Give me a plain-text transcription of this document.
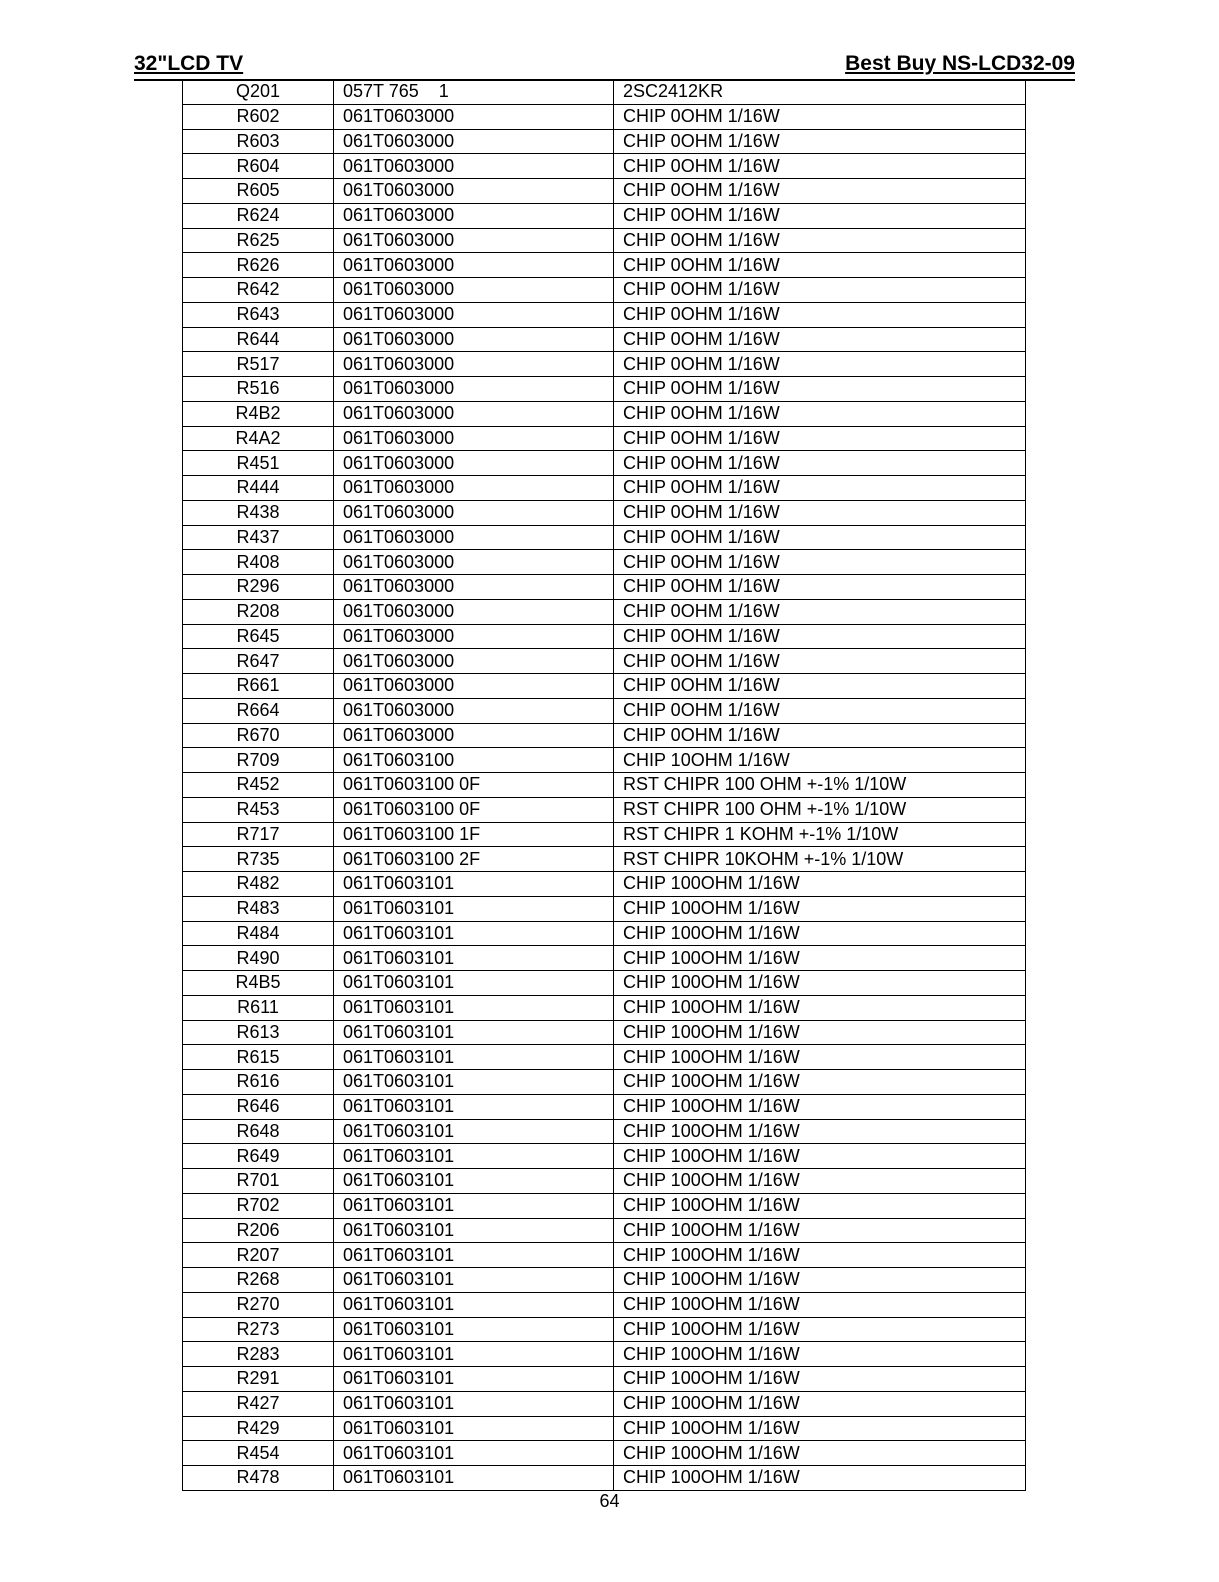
32"LCD TV	Best Buy NS-LCD32-09
Q201	057T 765    1	2SC2412KR
R602	061T0603000	CHIP 0OHM 1/16W
R603	061T0603000	CHIP 0OHM 1/16W
R604	061T0603000	CHIP 0OHM 1/16W
R605	061T0603000	CHIP 0OHM 1/16W
R624	061T0603000	CHIP 0OHM 1/16W
R625	061T0603000	CHIP 0OHM 1/16W
R626	061T0603000	CHIP 0OHM 1/16W
R642	061T0603000	CHIP 0OHM 1/16W
R643	061T0603000	CHIP 0OHM 1/16W
R644	061T0603000	CHIP 0OHM 1/16W
R517	061T0603000	CHIP 0OHM 1/16W
R516	061T0603000	CHIP 0OHM 1/16W
R4B2	061T0603000	CHIP 0OHM 1/16W
R4A2	061T0603000	CHIP 0OHM 1/16W
R451	061T0603000	CHIP 0OHM 1/16W
R444	061T0603000	CHIP 0OHM 1/16W
R438	061T0603000	CHIP 0OHM 1/16W
R437	061T0603000	CHIP 0OHM 1/16W
R408	061T0603000	CHIP 0OHM 1/16W
R296	061T0603000	CHIP 0OHM 1/16W
R208	061T0603000	CHIP 0OHM 1/16W
R645	061T0603000	CHIP 0OHM 1/16W
R647	061T0603000	CHIP 0OHM 1/16W
R661	061T0603000	CHIP 0OHM 1/16W
R664	061T0603000	CHIP 0OHM 1/16W
R670	061T0603000	CHIP 0OHM 1/16W
R709	061T0603100	CHIP 10OHM 1/16W
R452	061T0603100 0F	RST CHIPR 100 OHM +-1% 1/10W
R453	061T0603100 0F	RST CHIPR 100 OHM +-1% 1/10W
R717	061T0603100 1F	RST CHIPR 1 KOHM +-1% 1/10W
R735	061T0603100 2F	RST CHIPR 10KOHM +-1% 1/10W
R482	061T0603101	CHIP 100OHM 1/16W
R483	061T0603101	CHIP 100OHM 1/16W
R484	061T0603101	CHIP 100OHM 1/16W
R490	061T0603101	CHIP 100OHM 1/16W
R4B5	061T0603101	CHIP 100OHM 1/16W
R611	061T0603101	CHIP 100OHM 1/16W
R613	061T0603101	CHIP 100OHM 1/16W
R615	061T0603101	CHIP 100OHM 1/16W
R616	061T0603101	CHIP 100OHM 1/16W
R646	061T0603101	CHIP 100OHM 1/16W
R648	061T0603101	CHIP 100OHM 1/16W
R649	061T0603101	CHIP 100OHM 1/16W
R701	061T0603101	CHIP 100OHM 1/16W
R702	061T0603101	CHIP 100OHM 1/16W
R206	061T0603101	CHIP 100OHM 1/16W
R207	061T0603101	CHIP 100OHM 1/16W
R268	061T0603101	CHIP 100OHM 1/16W
R270	061T0603101	CHIP 100OHM 1/16W
R273	061T0603101	CHIP 100OHM 1/16W
R283	061T0603101	CHIP 100OHM 1/16W
R291	061T0603101	CHIP 100OHM 1/16W
R427	061T0603101	CHIP 100OHM 1/16W
R429	061T0603101	CHIP 100OHM 1/16W
R454	061T0603101	CHIP 100OHM 1/16W
R478	061T0603101	CHIP 100OHM 1/16W
64
